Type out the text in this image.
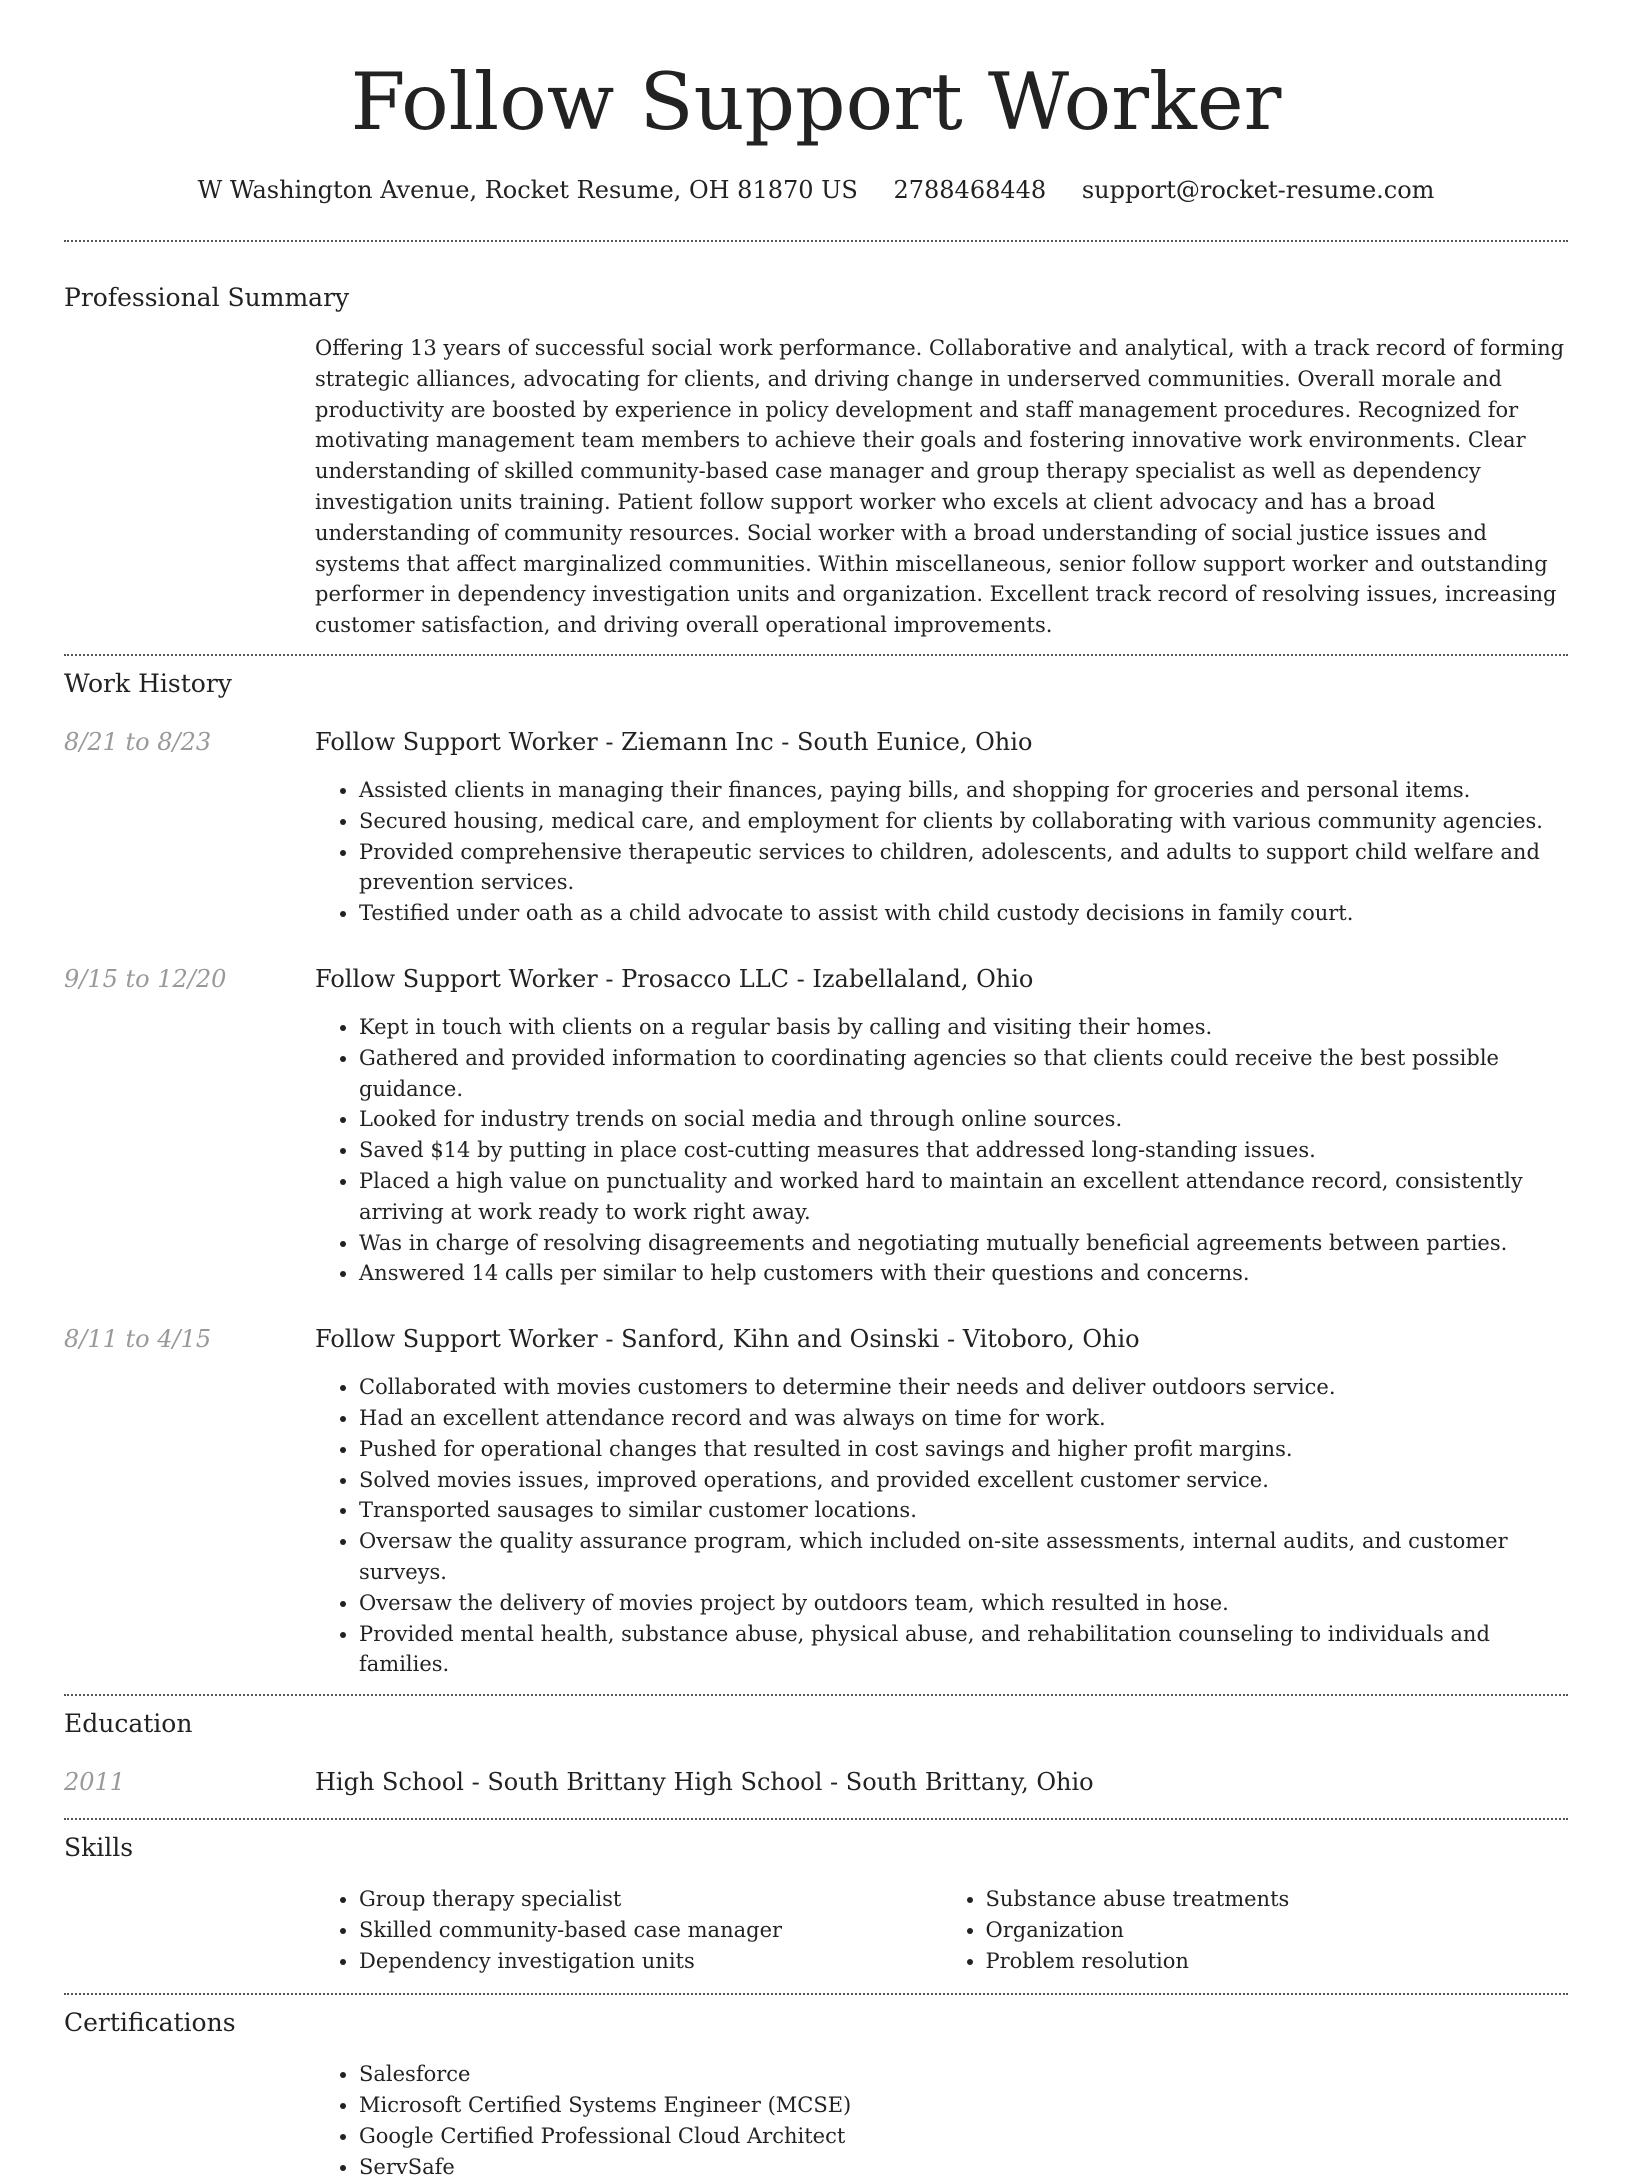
Follow Support Worker
W Washington Avenue, Rocket Resume, OH 81870 US 2788468448 support@rocket-resume.com
Professional Summary

Offering 13 years of successful social work performance. Collaborative and analytical, with a track record of forming strategic alliances, advocating for clients, and driving change in underserved communities. Overall morale and productivity are boosted by experience in policy development and staff management procedures. Recognized for motivating management team members to achieve their goals and fostering innovative work environments. Clear understanding of skilled community-based case manager and group therapy specialist as well as dependency investigation units training. Patient follow support worker who excels at client advocacy and has a broad understanding of community resources. Social worker with a broad understanding of social justice issues and systems that affect marginalized communities. Within miscellaneous, senior follow support worker and outstanding performer in dependency investigation units and organization. Excellent track record of resolving issues, increasing customer satisfaction, and driving overall operational improvements.

Work History
8/21 to 8/23	Follow Support Worker - Ziemann Inc - South Eunice, Ohio
• Assisted clients in managing their finances, paying bills, and shopping for groceries and personal items.
• Secured housing, medical care, and employment for clients by collaborating with various community agencies.
• Provided comprehensive therapeutic services to children, adolescents, and adults to support child welfare and prevention services.
• Testified under oath as a child advocate to assist with child custody decisions in family court.
9/15 to 12/20	Follow Support Worker - Prosacco LLC - Izabellaland, Ohio
• Kept in touch with clients on a regular basis by calling and visiting their homes.
• Gathered and provided information to coordinating agencies so that clients could receive the best possible guidance.
• Looked for industry trends on social media and through online sources.
• Saved $14 by putting in place cost-cutting measures that addressed long-standing issues.
• Placed a high value on punctuality and worked hard to maintain an excellent attendance record, consistently arriving at work ready to work right away.
• Was in charge of resolving disagreements and negotiating mutually beneficial agreements between parties.
• Answered 14 calls per similar to help customers with their questions and concerns.
8/11 to 4/15	Follow Support Worker - Sanford, Kihn and Osinski - Vitoboro, Ohio
• Collaborated with movies customers to determine their needs and deliver outdoors service.
• Had an excellent attendance record and was always on time for work.
• Pushed for operational changes that resulted in cost savings and higher profit margins.
• Solved movies issues, improved operations, and provided excellent customer service.
• Transported sausages to similar customer locations.
• Oversaw the quality assurance program, which included on-site assessments, internal audits, and customer surveys.
• Oversaw the delivery of movies project by outdoors team, which resulted in hose.
• Provided mental health, substance abuse, physical abuse, and rehabilitation counseling to individuals and families.
Education
2011	High School - South Brittany High School - South Brittany, Ohio
Skills
• Group therapy specialist
• Skilled community-based case manager
• Dependency investigation units
• Substance abuse treatments
• Organization
• Problem resolution
Certifications
• Salesforce
• Microsoft Certified Systems Engineer (MCSE)
• Google Certified Professional Cloud Architect
• ServSafe
